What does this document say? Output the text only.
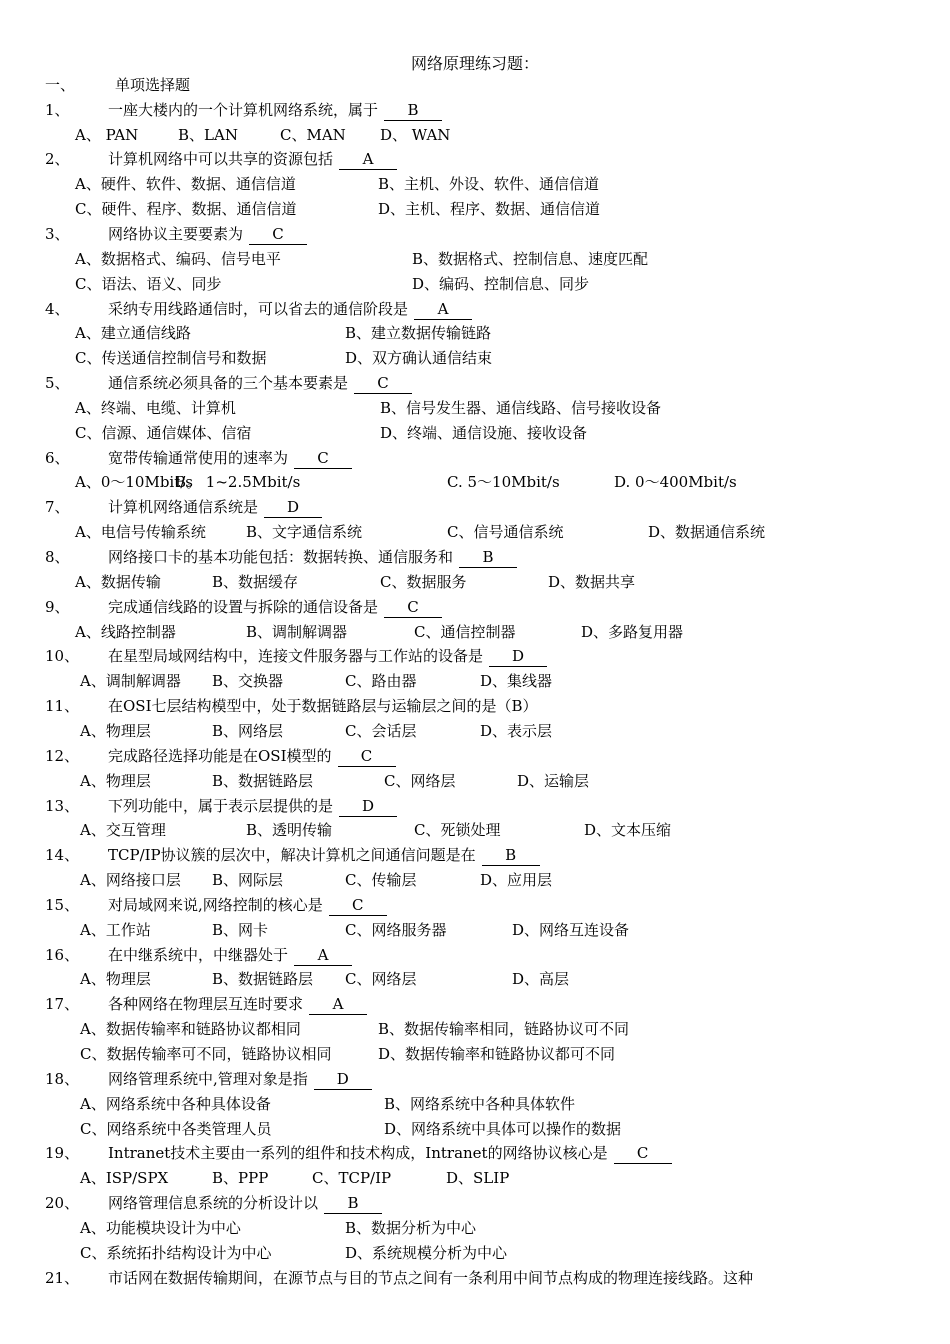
网络原理练习题：
一、	单项选择题
1、	一座大楼内的一个计算机网络系统，属于 B
A、 PAN	B、LAN	C、MAN D、 WAN
2、	计算机网络中可以共享的资源包括 A
A、硬件、软件、数据、通信信道	B、主机、外设、软件、通信信道
C、硬件、程序、数据、通信信道	D、主机、程序、数据、通信信道
3、	网络协议主要要素为 C
A、数据格式、编码、信号电平	B、数据格式、控制信息、速度匹配
C、语法、语义、同步	D、编码、控制信息、同步
4、	采纳专用线路通信时，可以省去的通信阶段是 A
A、建立通信线路	B、建立数据传输链路
C、传送通信控制信号和数据	D、双方确认通信结束
5、	通信系统必须具备的三个基本要素是 C
A、终端、电缆、计算机	B、信号发生器、通信线路、信号接收设备
C、信源、通信媒体、信宿	D、终端、通信设施、接收设备
6、	宽带传输通常使用的速率为 C
A、0～10Mbit/s
B。 1~2.5Mbit/s	C. 5～10Mbit/s	D. 0～400Mbit/s
7、	计算机网络通信系统是 D
A、电信号传输系统	B、文字通信系统	C、信号通信系统	D、数据通信系统
8、	网络接口卡的基本功能包括：数据转换、通信服务和 B
A、数据传输	B、数据缓存	C、数据服务	D、数据共享
9、	完成通信线路的设置与拆除的通信设备是 C
A、线路控制器	B、调制解调器	C、通信控制器	D、多路复用器
10、 在星型局域网结构中，连接文件服务器与工作站的设备是 D
A、调制解调器 B、交换器	C、路由器	D、集线器
11、 在OSI七层结构模型中，处于数据链路层与运输层之间的是（B）
A、物理层	B、网络层	C、会话层	D、表示层
12、 完成路径选择功能是在OSI模型的 C
A、物理层	B、数据链路层	C、网络层	D、运输层
13、 下列功能中，属于表示层提供的是 D
A、交互管理	B、透明传输	C、死锁处理	D、文本压缩
14、 TCP/IP协议簇的层次中，解决计算机之间通信问题是在 B
A、网络接口层 B、网际层	C、传输层	D、应用层
15、 对局域网来说,网络控制的核心是 C
A、工作站	B、网卡	C、网络服务器	D、网络互连设备
16、 在中继系统中，中继器处于 A
A、物理层	B、数据链路层 C、网络层	D、高层
17、 各种网络在物理层互连时要求 A
A、数据传输率和链路协议都相同	B、数据传输率相同，链路协议可不同
C、数据传输率可不同，链路协议相同	D、数据传输率和链路协议都可不同
18、 网络管理系统中,管理对象是指 D
A、网络系统中各种具体设备	B、网络系统中各种具体软件
C、网络系统中各类管理人员	D、网络系统中具体可以操作的数据
19、 Intranet技术主要由一系列的组件和技术构成，Intranet的网络协议核心是 C
A、ISP/SPX	B、PPP	C、TCP/IP	D、SLIP
20、 网络管理信息系统的分析设计以 B
A、功能模块设计为中心	B、数据分析为中心
C、系统拓扑结构设计为中心	D、系统规模分析为中心
21、 市话网在数据传输期间，在源节点与目的节点之间有一条利用中间节点构成的物理连接线路。这种
